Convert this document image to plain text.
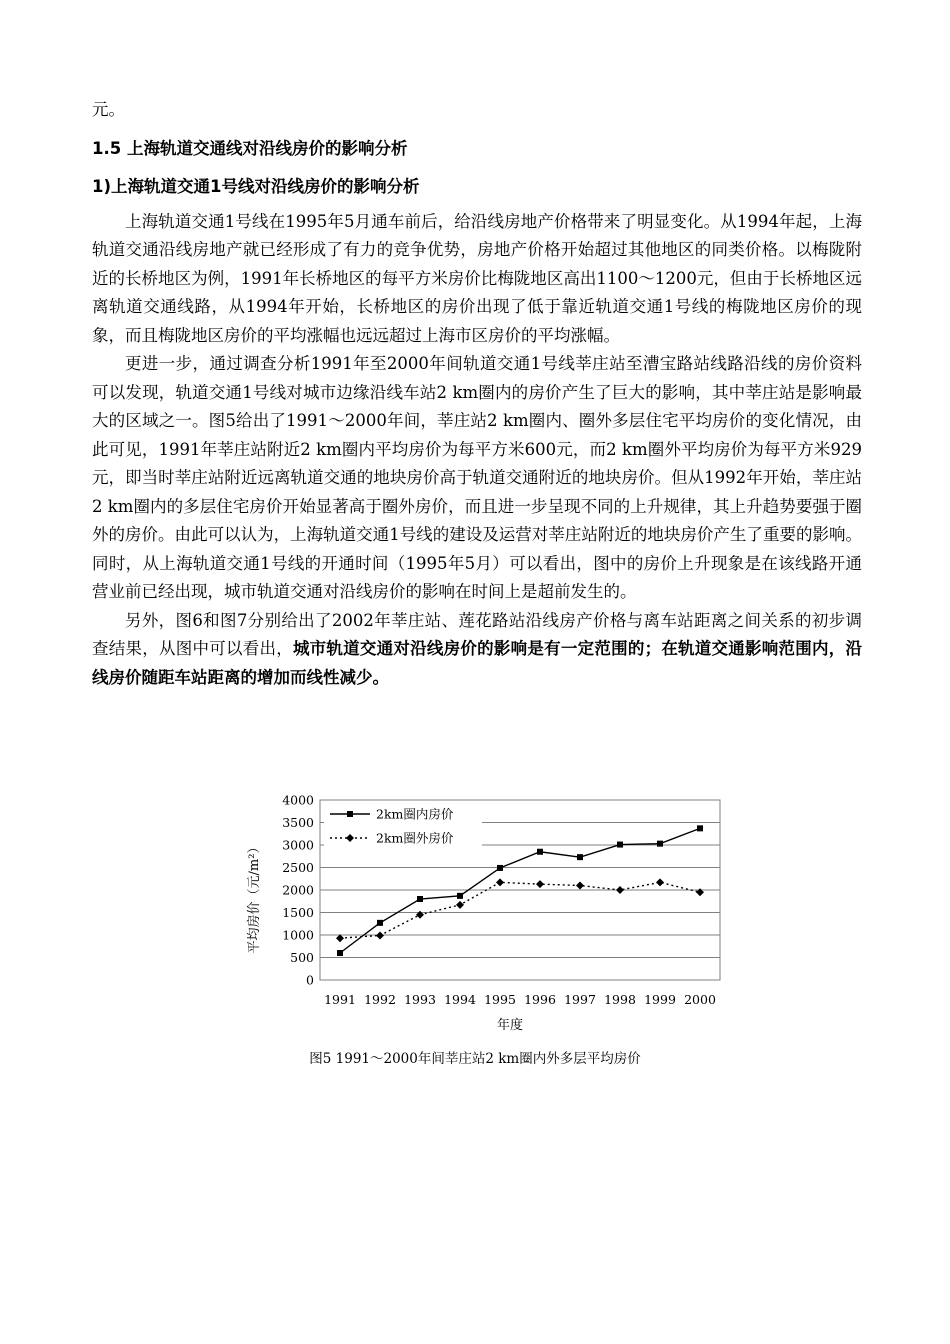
元。

1.5 上海轨道交通线对沿线房价的影响分析

1)上海轨道交通1号线对沿线房价的影响分析

上海轨道交通1号线在1995年5月通车前后，给沿线房地产价格带来了明显变化。从1994年起，上海轨道交通沿线房地产就已经形成了有力的竞争优势，房地产价格开始超过其他地区的同类价格。以梅陇附近的长桥地区为例，1991年长桥地区的每平方米房价比梅陇地区高出1100～1200元，但由于长桥地区远离轨道交通线路，从1994年开始，长桥地区的房价出现了低于靠近轨道交通1号线的梅陇地区房价的现象，而且梅陇地区房价的平均涨幅也远远超过上海市区房价的平均涨幅。

更进一步，通过调查分析1991年至2000年间轨道交通1号线莘庄站至漕宝路站线路沿线的房价资料可以发现，轨道交通1号线对城市边缘沿线车站2 km圈内的房价产生了巨大的影响，其中莘庄站是影响最大的区域之一。图5给出了1991～2000年间，莘庄站2 km圈内、圈外多层住宅平均房价的变化情况，由此可见，1991年莘庄站附近2 km圈内平均房价为每平方米600元，而2 km圈外平均房价为每平方米929元，即当时莘庄站附近远离轨道交通的地块房价高于轨道交通附近的地块房价。但从1992年开始，莘庄站2 km圈内的多层住宅房价开始显著高于圈外房价，而且进一步呈现不同的上升规律，其上升趋势要强于圈外的房价。由此可以认为，上海轨道交通1号线的建设及运营对莘庄站附近的地块房价产生了重要的影响。同时，从上海轨道交通1号线的开通时间（1995年5月）可以看出，图中的房价上升现象是在该线路开通营业前已经出现，城市轨道交通对沿线房价的影响在时间上是超前发生的。

另外，图6和图7分别给出了2002年莘庄站、莲花路站沿线房产价格与离车站距离之间关系的初步调查结果，从图中可以看出，城市轨道交通对沿线房价的影响是有一定范围的；在轨道交通影响范围内，沿线房价随距车站距离的增加而线性减少。

0
500
1000
1500
2000
2500
3000
3500
4000
1991 1992 1993 1994 1995 1996 1997 1998 1999 2000
2km圈内房价
2km圈外房价
平均房价（元/m²）
年度
图5 1991～2000年间莘庄站2 km圈内外多层平均房价
